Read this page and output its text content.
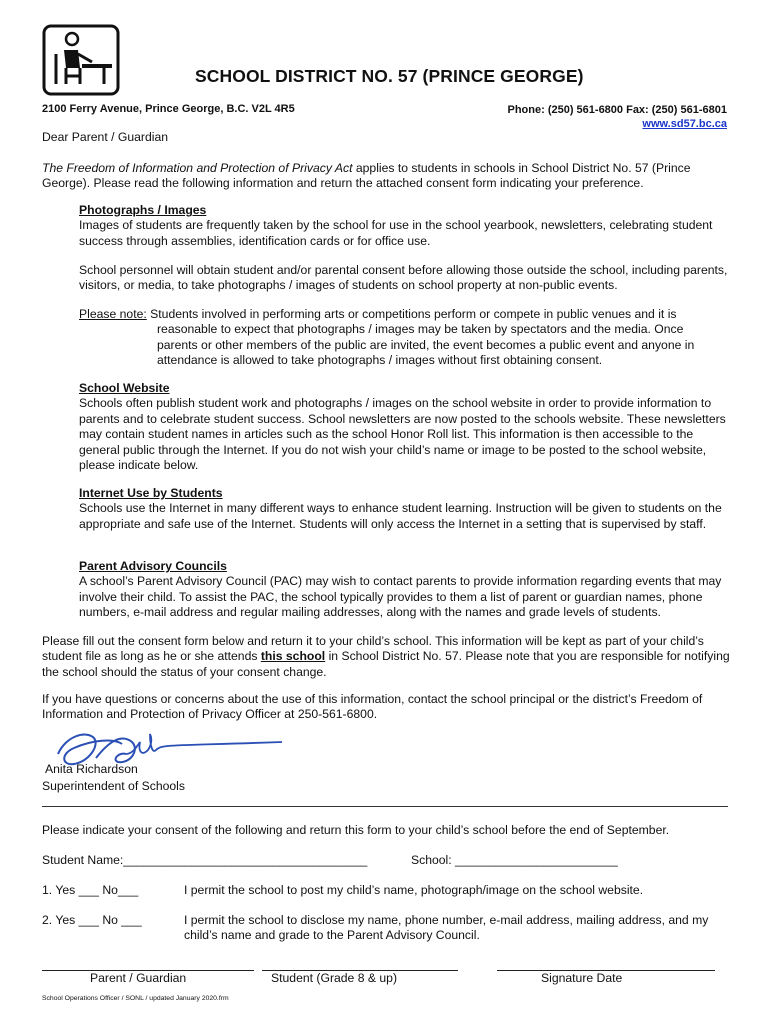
SCHOOL DISTRICT NO. 57 (PRINCE GEORGE)
2100 Ferry Avenue, Prince George, B.C. V2L 4R5	Phone: (250) 561-6800 Fax: (250) 561-6801
www.sd57.bc.ca
Dear Parent / Guardian
The Freedom of Information and Protection of Privacy Act applies to students in schools in School District No. 57 (Prince George). Please read the following information and return the attached consent form indicating your preference.
Photographs / Images
Images of students are frequently taken by the school for use in the school yearbook, newsletters, celebrating student success through assemblies, identification cards or for office use.
School personnel will obtain student and/or parental consent before allowing those outside the school, including parents, visitors, or media, to take photographs / images of students on school property at non-public events.
Please note: Students involved in performing arts or competitions perform or compete in public venues and it is
reasonable to expect that photographs / images may be taken by spectators and the media. Once parents or other members of the public are invited, the event becomes a public event and anyone in attendance is allowed to take photographs / images without first obtaining consent.
School Website
Schools often publish student work and photographs / images on the school website in order to provide information to parents and to celebrate student success. School newsletters are now posted to the schools website. These newsletters may contain student names in articles such as the school Honor Roll list. This information is then accessible to the general public through the Internet. If you do not wish your child’s name or image to be posted to the school website, please indicate below.
Internet Use by Students
Schools use the Internet in many different ways to enhance student learning. Instruction will be given to students on the appropriate and safe use of the Internet. Students will only access the Internet in a setting that is supervised by staff.
Parent Advisory Councils
A school’s Parent Advisory Council (PAC) may wish to contact parents to provide information regarding events that may involve their child. To assist the PAC, the school typically provides to them a list of parent or guardian names, phone numbers, e-mail address and regular mailing addresses, along with the names and grade levels of students.
Please fill out the consent form below and return it to your child’s school. This information will be kept as part of your child’s student file as long as he or she attends this school in School District No. 57. Please note that you are responsible for notifying the school should the status of your consent change.
If you have questions or concerns about the use of this information, contact the school principal or the district’s Freedom of Information and Protection of Privacy Officer at 250-561-6800.
Anita Richardson
Superintendent of Schools
Please indicate your consent of the following and return this form to your child’s school before the end of September.
Student Name:____________________________________	School: ________________________
1. Yes ___ No___	I permit the school to post my child’s name, photograph/image on the school website.
2. Yes ___ No ___	I permit the school to disclose my name, phone number, e-mail address, mailing address, and my child’s name and grade to the Parent Advisory Council.
Parent / Guardian	Student (Grade 8 & up)	Signature Date
School Operations Officer / SONL / updated January 2020.frm
